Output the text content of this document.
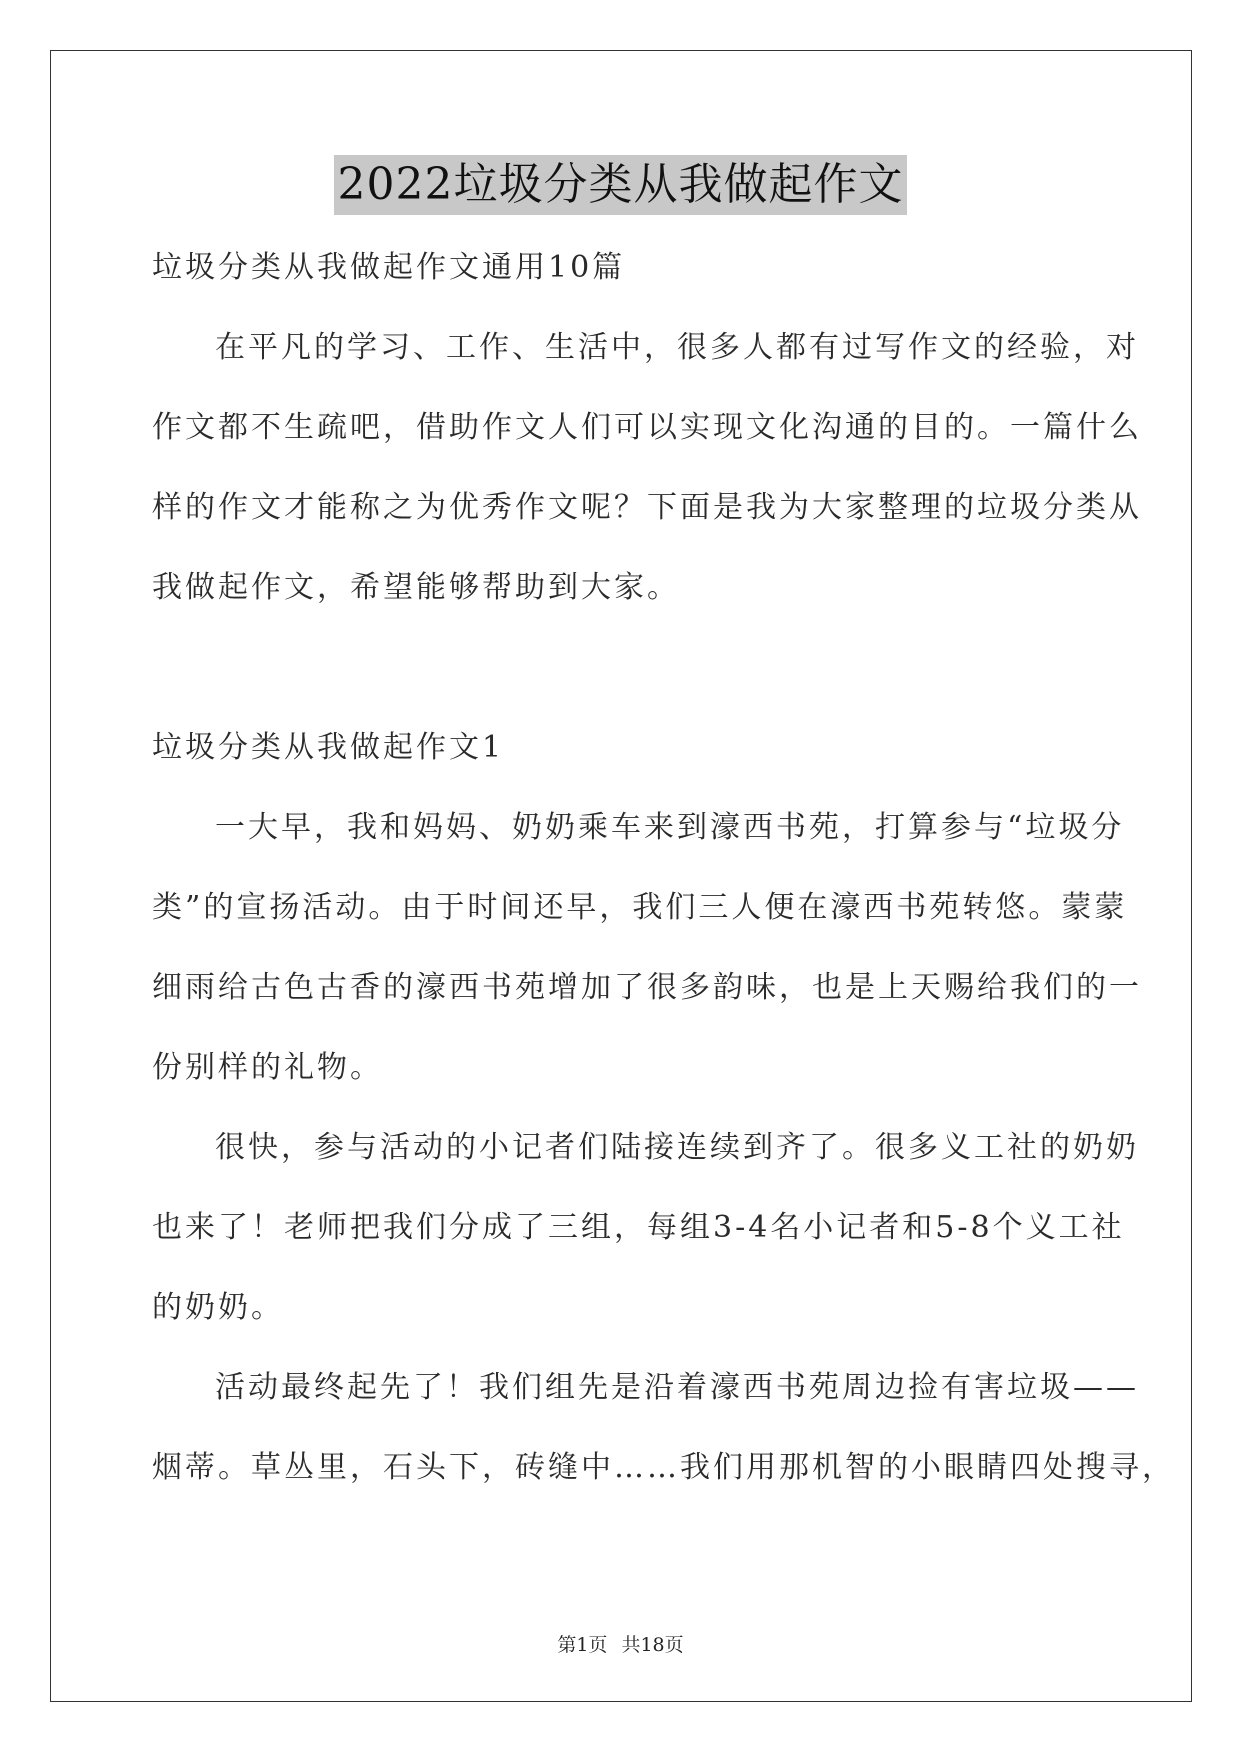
2022垃圾分类从我做起作文
垃圾分类从我做起作文通用10篇
在平凡的学习、工作、生活中，很多人都有过写作文的经验，对
作文都不生疏吧，借助作文人们可以实现文化沟通的目的。一篇什么
样的作文才能称之为优秀作文呢？下面是我为大家整理的垃圾分类从
我做起作文，希望能够帮助到大家。
垃圾分类从我做起作文1
一大早，我和妈妈、奶奶乘车来到濠西书苑，打算参与“垃圾分
类”的宣扬活动。由于时间还早，我们三人便在濠西书苑转悠。蒙蒙
细雨给古色古香的濠西书苑增加了很多韵味，也是上天赐给我们的一
份别样的礼物。
很快，参与活动的小记者们陆接连续到齐了。很多义工社的奶奶
也来了！老师把我们分成了三组，每组3-4名小记者和5-8个义工社
的奶奶。
活动最终起先了！我们组先是沿着濠西书苑周边捡有害垃圾——
烟蒂。草丛里，石头下，砖缝中……我们用那机智的小眼睛四处搜寻，
第1页 共18页
